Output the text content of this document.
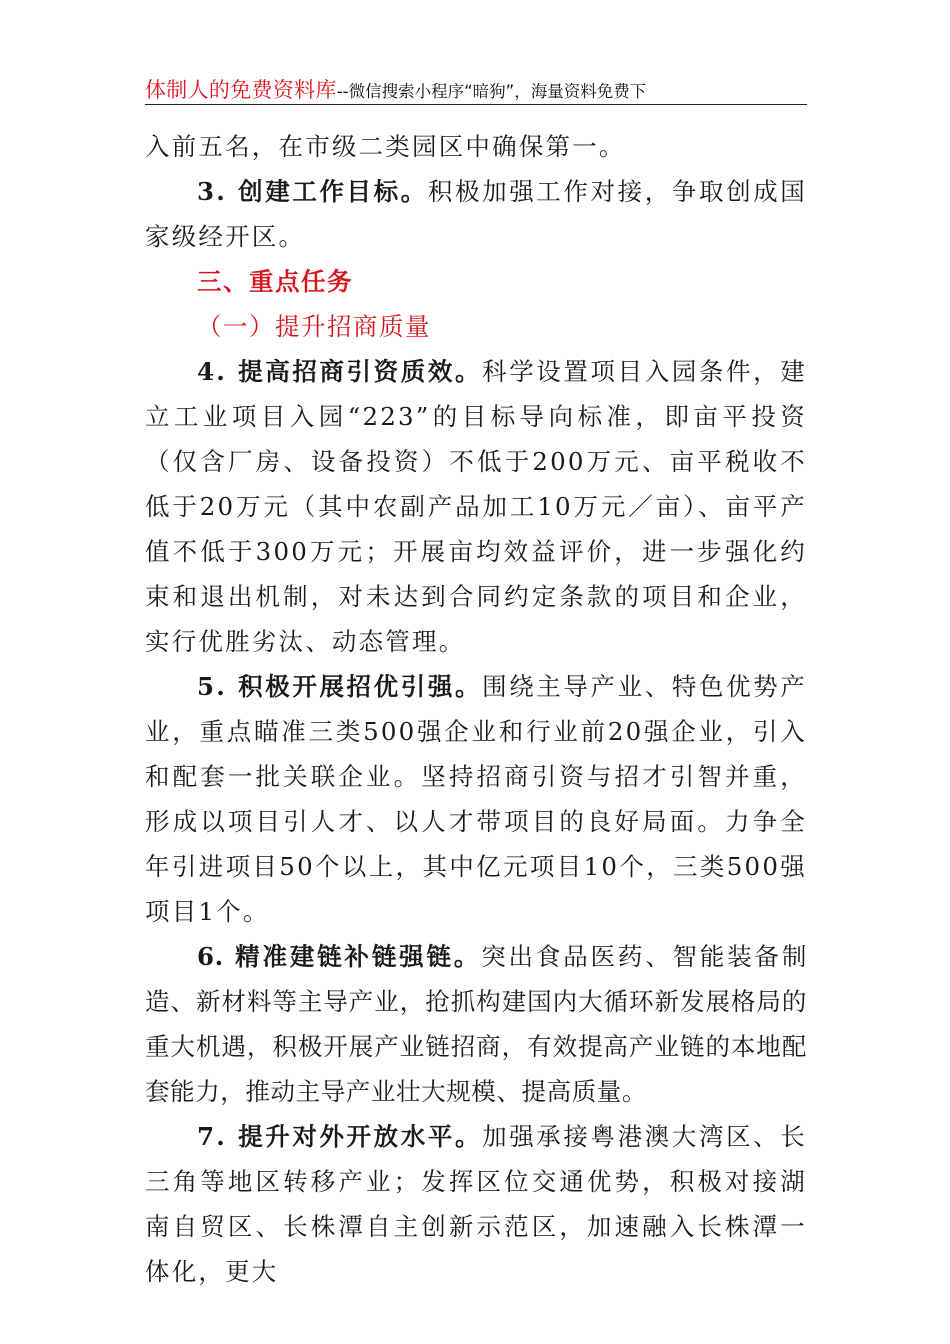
体制人的免费资料库--微信搜索小程序“暗狗”，海量资料免费下

入前五名，在市级二类园区中确保第一。

3. 创建工作目标。积极加强工作对接，争取创成国家级经开区。

三、重点任务

（一）提升招商质量

4. 提高招商引资质效。科学设置项目入园条件，建立工业项目入园“223”的目标导向标准，即亩平投资（仅含厂房、设备投资）不低于200万元、亩平税收不低于20万元（其中农副产品加工10万元／亩）、亩平产值不低于300万元；开展亩均效益评价，进一步强化约束和退出机制，对未达到合同约定条款的项目和企业，实行优胜劣汰、动态管理。

5. 积极开展招优引强。围绕主导产业、特色优势产业，重点瞄准三类500强企业和行业前20强企业，引入和配套一批关联企业。坚持招商引资与招才引智并重，形成以项目引人才、以人才带项目的良好局面。力争全年引进项目50个以上，其中亿元项目10个，三类500强项目1个。

6. 精准建链补链强链。突出食品医药、智能装备制造、新材料等主导产业，抢抓构建国内大循环新发展格局的重大机遇，积极开展产业链招商，有效提高产业链的本地配套能力，推动主导产业壮大规模、提高质量。

7. 提升对外开放水平。加强承接粤港澳大湾区、长三角等地区转移产业；发挥区位交通优势，积极对接湖南自贸区、长株潭自主创新示范区，加速融入长株潭一体化，更大
